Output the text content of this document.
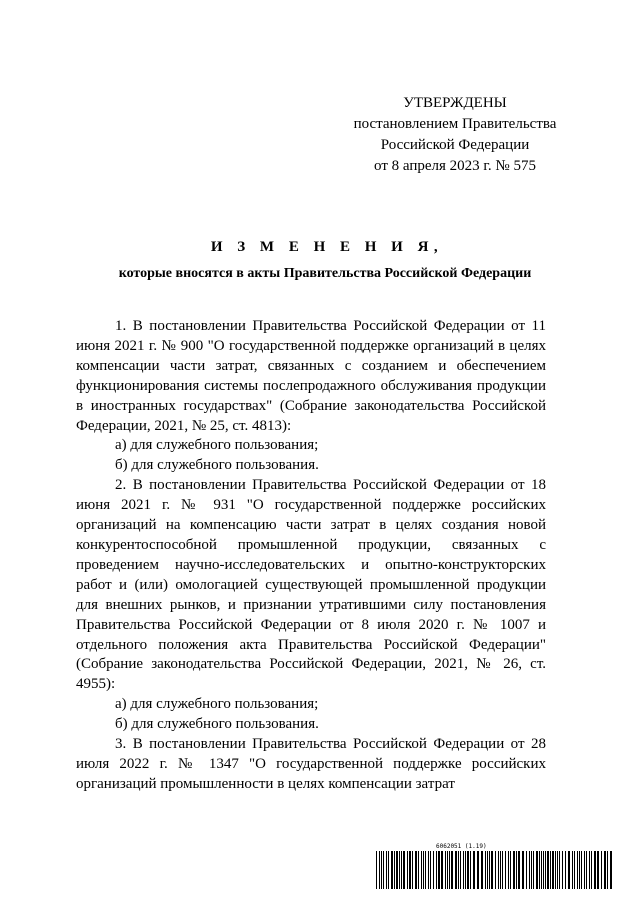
УТВЕРЖДЕНЫ
постановлением Правительства
Российской Федерации
от 8 апреля 2023 г. № 575
И З М Е Н Е Н И Я,
которые вносятся в акты Правительства Российской Федерации

1. В постановлении Правительства Российской Федерации от 11 июня 2021 г. № 900 "О государственной поддержке организаций в целях компенсации части затрат, связанных с созданием и обеспечением функционирования системы послепродажного обслуживания продукции в иностранных государствах" (Собрание законодательства Российской Федерации, 2021, № 25, ст. 4813):

а) для служебного пользования;

б) для служебного пользования.

2. В постановлении Правительства Российской Федерации от 18 июня 2021 г. № 931 "О государственной поддержке российских организаций на компенсацию части затрат в целях создания новой конкурентоспособной промышленной продукции, связанных с проведением научно-исследовательских и опытно-конструкторских работ и (или) омологацией существующей промышленной продукции для внешних рынков, и признании утратившими силу постановления Правительства Российской Федерации от 8 июля 2020 г. № 1007 и отдельного положения акта Правительства Российской Федерации" (Собрание законодательства Российской Федерации, 2021, № 26, ст. 4955):

а) для служебного пользования;

б) для служебного пользования.

3. В постановлении Правительства Российской Федерации от 28 июля 2022 г. № 1347 "О государственной поддержке российских организаций промышленности в целях компенсации затрат

6062051 (1.19)
